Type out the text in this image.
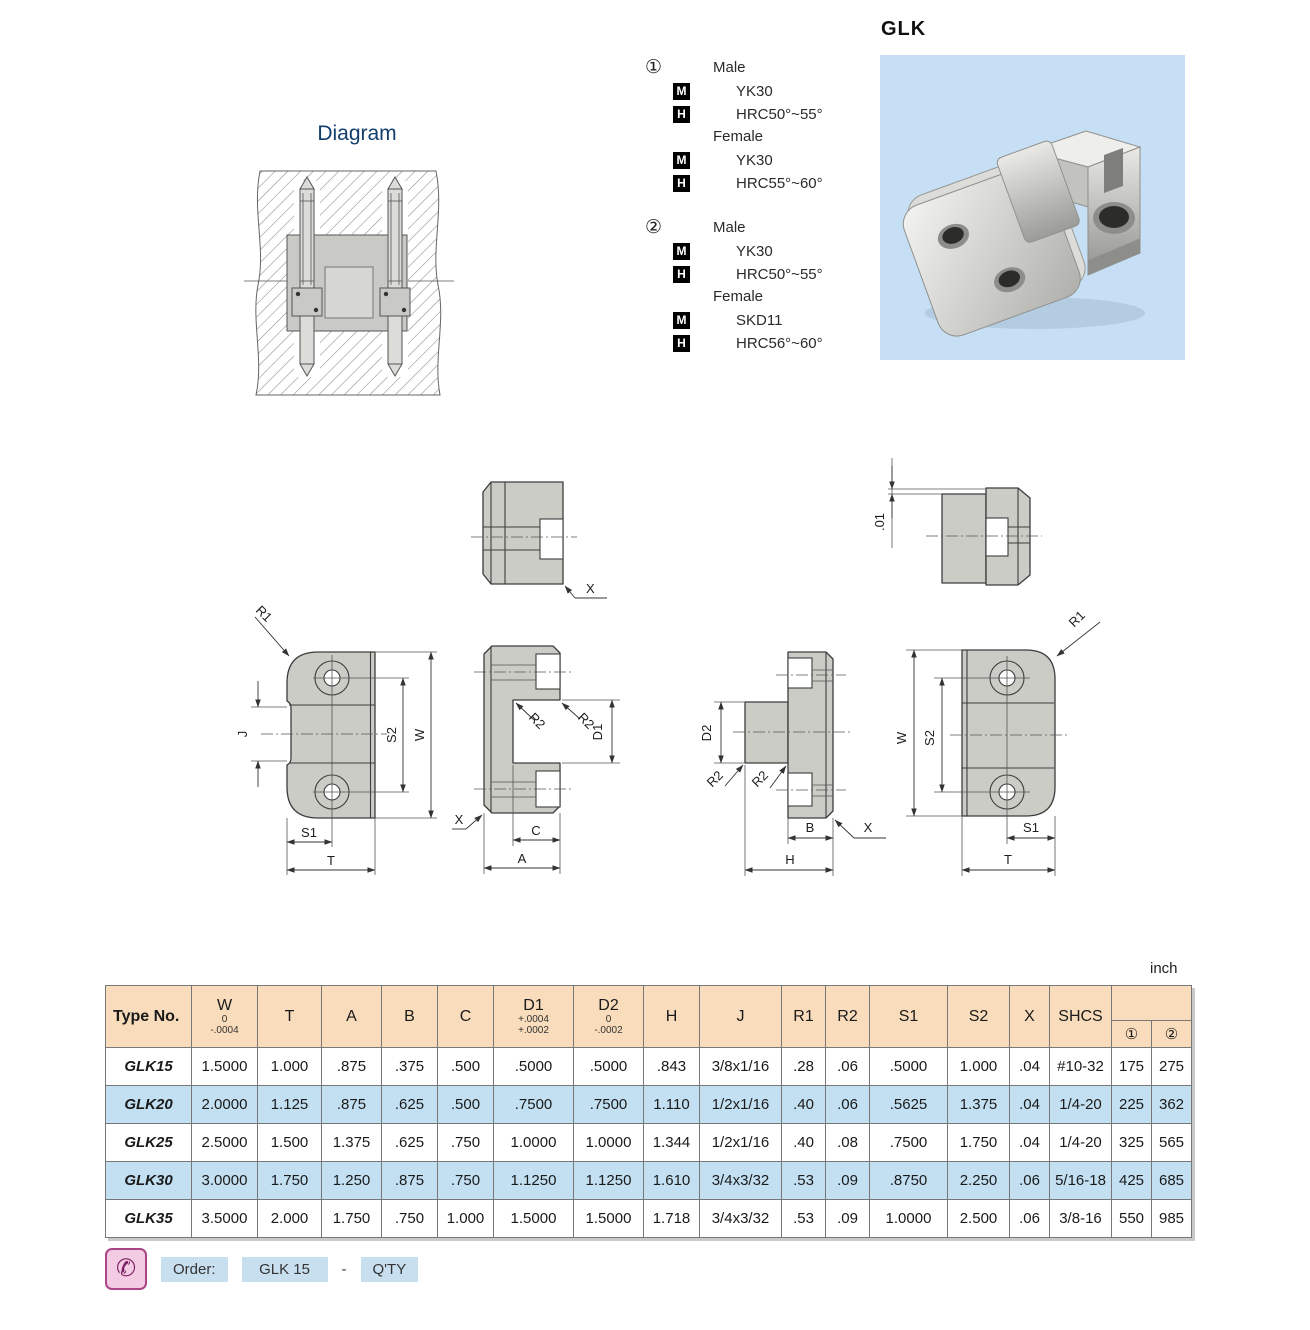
Diagram
①	Male
M	YK30
H	HRC50°~55°
Female
M	YK30
H	HRC55°~60°
②	Male
M	YK30
H	HRC50°~55°
Female
M	SKD11
H	HRC56°~60°
GLK
X
.01
R1
J	S2 W
S1
T
R2 R2
D1
X
C
A
D2
R2 R2
B
H
X
R1
W S2
S1
T
inch
Type No.

W
0
-.0004

T	A	B	C

D1
+.0004
+.0002

D2
0
-.0002

H	J	R1	R2	S1	S2	X	SHCS

																①	②
GLK15	1.5000	1.000	.875	.375	.500	.5000	.5000	.843	3/8x1/16	.28	.06	.5000	1.000	.04	#10-32	175	275
GLK20	2.0000	1.125	.875	.625	.500	.7500	.7500	1.110	1/2x1/16	.40	.06	.5625	1.375	.04	1/4-20	225	362
GLK25	2.5000	1.500	1.375	.625	.750	1.0000	1.0000	1.344	1/2x1/16	.40	.08	.7500	1.750	.04	1/4-20	325	565
GLK30	3.0000	1.750	1.250	.875	.750	1.1250	1.1250	1.610	3/4x3/32	.53	.09	.8750	2.250	.06	5/16-18	425	685
GLK35	3.5000	2.000	1.750	.750	1.000	1.5000	1.5000	1.718	3/4x3/32	.53	.09	1.0000	2.500	.06	3/8-16	550	985
✆	Order:	GLK 15	-	Q'TY
